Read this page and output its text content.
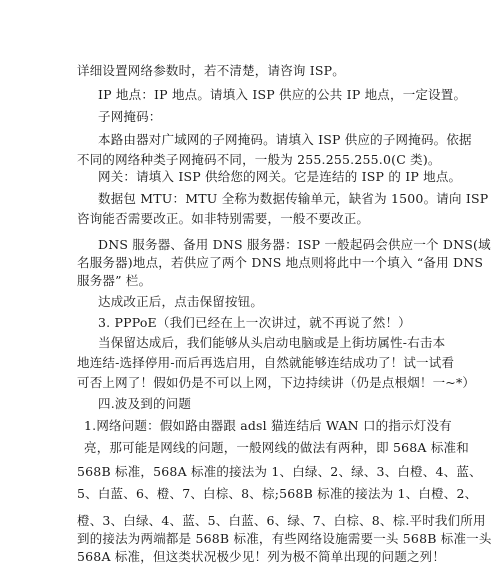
详细设置网络参数时，若不清楚，请咨询 ISP。
IP 地点：IP 地点。请填入 ISP 供应的公共 IP 地点，一定设置。
子网掩码：
本路由器对广域网的子网掩码。请填入 ISP 供应的子网掩码。依据
不同的网络种类子网掩码不同，一般为 255.255.255.0(C 类)。
网关：请填入 ISP 供给您的网关。它是连结的 ISP 的 IP 地点。
数据包 MTU：MTU 全称为数据传输单元，缺省为 1500。请向 ISP
咨询能否需要改正。如非特别需要，一般不要改正。
DNS 服务器、备用 DNS 服务器：ISP 一般起码会供应一个 DNS(域
名服务器)地点，若供应了两个 DNS 地点则将此中一个填入 “备用 DNS
服务器” 栏。
达成改正后，点击保留按钮。
3. PPPoE（我们已经在上一次讲过，就不再说了然！）
当保留达成后，我们能够从头启动电脑或是上街坊属性-右击本
地连结-选择停用-而后再选启用，自然就能够连结成功了！试一试看
可否上网了！假如仍是不可以上网，下边持续讲（仍是点根烟！一~*）
四.波及到的问题
1.网络问题：假如路由器跟 adsl 猫连结后 WAN 口的指示灯没有
亮，那可能是网线的问题，一般网线的做法有两种，即 568A 标准和
568B 标准，568A 标准的接法为 1、白绿、2、绿、3、白橙、4、蓝、
5、白蓝、6、橙、7、白棕、8、棕;568B 标准的接法为 1、白橙、2、
橙、3、白绿、4、蓝、5、白蓝、6、绿、7、白棕、8、棕.平时我们所用
到的接法为两端都是 568B 标准，有些网络设施需要一头 568B 标准一头
568A 标准，但这类状况极少见！列为极不简单出现的问题之列！
